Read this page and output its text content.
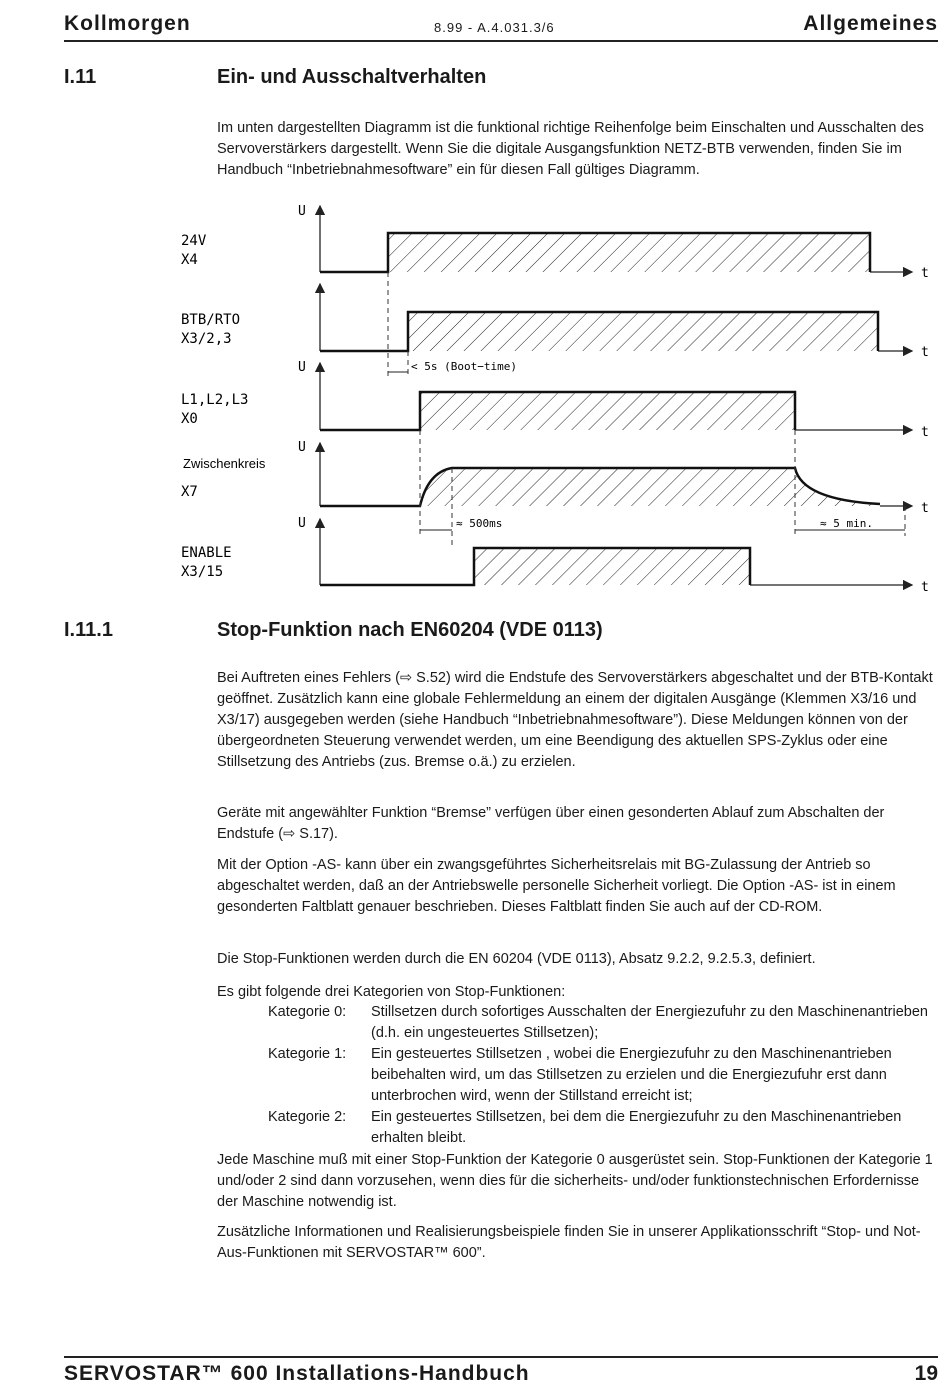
Kollmorgen	8.99 - A.4.031.3/6	Allgemeines
I.11	Ein- und Ausschaltverhalten

Im unten dargestellten Diagramm ist die funktional richtige Reihenfolge beim Einschalten und Ausschalten des Servoverstärkers dargestellt. Wenn Sie die digitale Ausgangsfunktion NETZ-BTB verwenden, finden Sie im Handbuch “Inbetriebnahmesoftware” ein für diesen Fall gültiges Diagramm.

24V
X4
BTB/RTO
X3/2,3
L1,L2,L3
X0
Zwischenkreis
X7
ENABLE
X3/15
U
U
U
U
t
t
t
t
t
< 5s (Boot−time)
≈ 500ms	≈ 5 min.
I.11.1	Stop-Funktion nach EN60204 (VDE 0113)

Bei Auftreten eines Fehlers (⇨ S.52) wird die Endstufe des Servoverstärkers abgeschaltet und der BTB-Kontakt geöffnet. Zusätzlich kann eine globale Fehlermeldung an einem der digitalen Ausgänge (Klemmen X3/16 und X3/17) ausgegeben werden (siehe Handbuch “Inbetriebnahmesoftware”). Diese Meldungen können von der übergeordneten Steuerung verwendet werden, um eine Beendigung des aktuellen SPS-Zyklus oder eine Stillsetzung des Antriebs (zus. Bremse o.ä.) zu erzielen.

Geräte mit angewählter Funktion “Bremse” verfügen über einen gesonderten Ablauf zum Abschalten der Endstufe (⇨ S.17).

Mit der Option -AS- kann über ein zwangsgeführtes Sicherheitsrelais mit BG-Zulassung der Antrieb so abgeschaltet werden, daß an der Antriebswelle personelle Sicherheit vorliegt. Die Option -AS- ist in einem gesonderten Faltblatt genauer beschrieben. Dieses Faltblatt finden Sie auch auf der CD-ROM.

Die Stop-Funktionen werden durch die EN 60204 (VDE 0113), Absatz 9.2.2, 9.2.5.3, definiert.

Es gibt folgende drei Kategorien von Stop-Funktionen:

Kategorie 0:	Stillsetzen durch sofortiges Ausschalten der Energiezufuhr zu den Maschinenantrieben (d.h. ein ungesteuertes Stillsetzen);
Kategorie 1:	Ein gesteuertes Stillsetzen , wobei die Energiezufuhr zu den Maschinenantrieben beibehalten wird, um das Stillsetzen zu erzielen und die Energiezufuhr erst dann unterbrochen wird, wenn der Stillstand erreicht ist;
Kategorie 2:	Ein gesteuertes Stillsetzen, bei dem die Energiezufuhr zu den Maschinenantrieben erhalten bleibt.

Jede Maschine muß mit einer Stop-Funktion der Kategorie 0 ausgerüstet sein. Stop-Funktionen der Kategorie 1 und/oder 2 sind dann vorzusehen, wenn dies für die sicherheits- und/oder funktionstechnischen Erfordernisse der Maschine notwendig ist.

Zusätzliche Informationen und Realisierungsbeispiele finden Sie in unserer Applikationsschrift “Stop- und Not-Aus-Funktionen mit SERVOSTAR™ 600”.

SERVOSTAR™ 600 Installations-Handbuch	19
